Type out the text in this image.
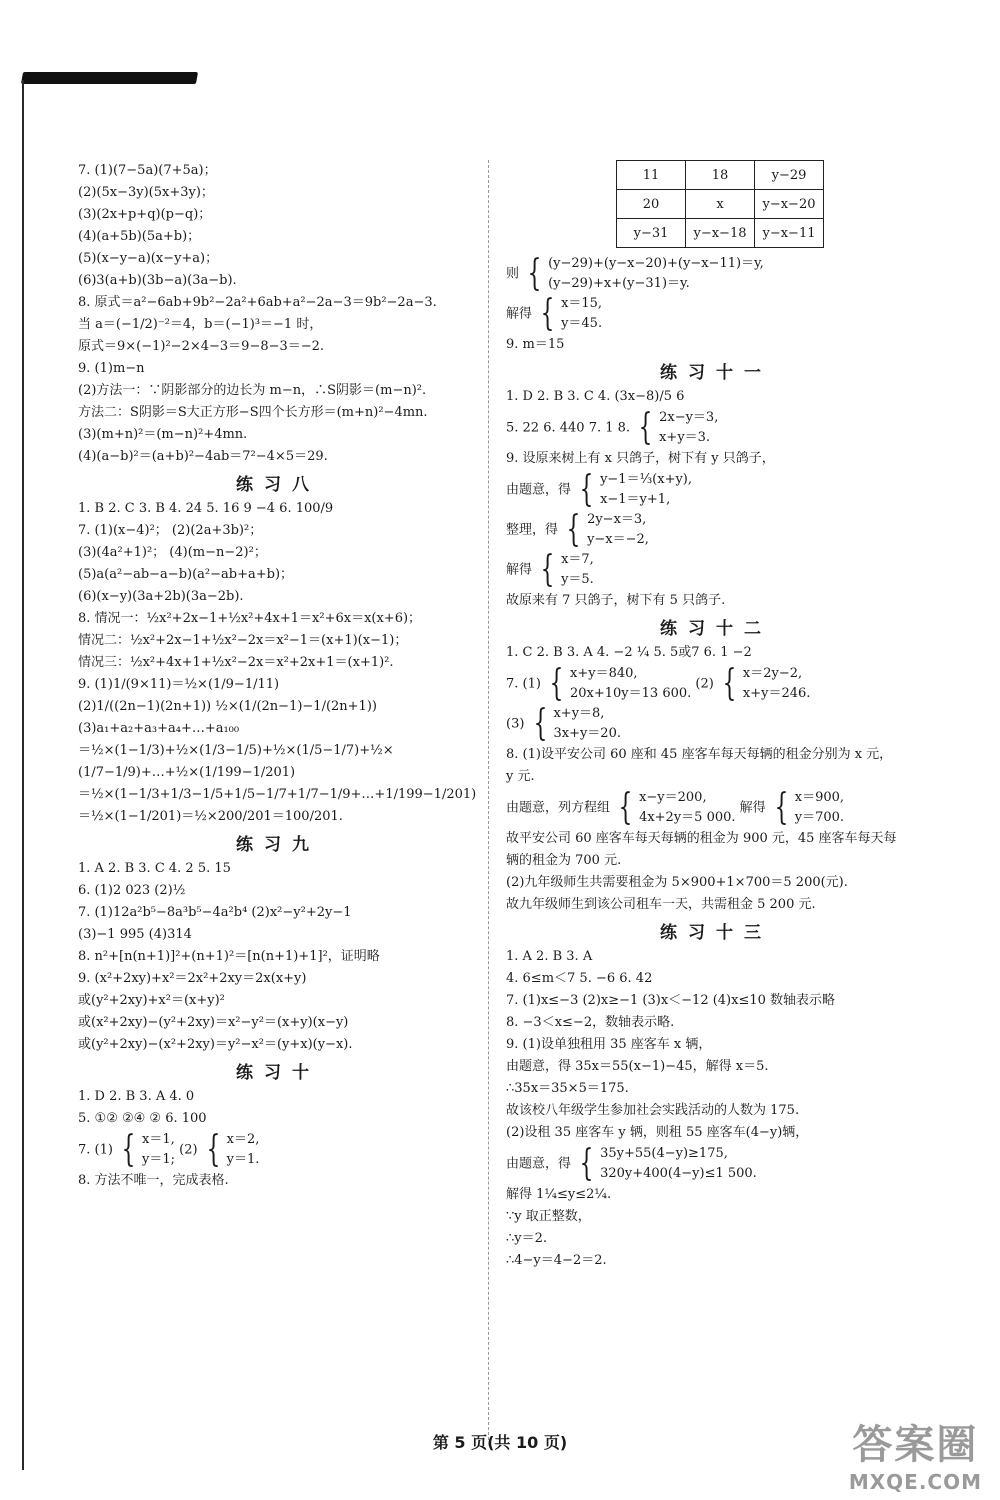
7. (1)(7−5a)(7+5a)；
(2)(5x−3y)(5x+3y)；
(3)(2x+p+q)(p−q)；
(4)(a+5b)(5a+b)；
(5)(x−y−a)(x−y+a)；
(6)3(a+b)(3b−a)(3a−b).
8. 原式＝a²−6ab+9b²−2a²+6ab+a²−2a−3＝9b²−2a−3.
当 a＝(−1/2)⁻²＝4，b＝(−1)³＝−1 时，
原式＝9×(−1)²−2×4−3＝9−8−3＝−2.
9. (1)m−n
(2)方法一：∵阴影部分的边长为 m−n，∴S阴影＝(m−n)².
方法二：S阴影＝S大正方形−S四个长方形＝(m+n)²−4mn.
(3)(m+n)²＝(m−n)²+4mn.
(4)(a−b)²＝(a+b)²−4ab＝7²−4×5＝29.
练习八
1. B 2. C 3. B 4. 24 5. 16 9 −4 6. 100/9
7. (1)(x−4)²； (2)(2a+3b)²；
(3)(4a²+1)²； (4)(m−n−2)²；
(5)a(a²−ab−a−b)(a²−ab+a+b)；
(6)(x−y)(3a+2b)(3a−2b).
8. 情况一：½x²+2x−1+½x²+4x+1＝x²+6x＝x(x+6)；
情况二：½x²+2x−1+½x²−2x＝x²−1＝(x+1)(x−1)；
情况三：½x²+4x+1+½x²−2x＝x²+2x+1＝(x+1)².
9. (1)1/(9×11)＝½×(1/9−1/11)
(2)1/((2n−1)(2n+1)) ½×(1/(2n−1)−1/(2n+1))
(3)a₁+a₂+a₃+a₄+…+a₁₀₀
＝½×(1−1/3)+½×(1/3−1/5)+½×(1/5−1/7)+½×
(1/7−1/9)+…+½×(1/199−1/201)
＝½×(1−1/3+1/3−1/5+1/5−1/7+1/7−1/9+…+1/199−1/201)
＝½×(1−1/201)＝½×200/201＝100/201.
练习九
1. A 2. B 3. C 4. 2 5. 15
6. (1)2 023 (2)½
7. (1)12a²b⁵−8a³b⁵−4a²b⁴ (2)x²−y²+2y−1
(3)−1 995 (4)314
8. n²+[n(n+1)]²+(n+1)²＝[n(n+1)+1]²，证明略
9. (x²+2xy)+x²＝2x²+2xy＝2x(x+y)
或(y²+2xy)+x²＝(x+y)²
或(x²+2xy)−(y²+2xy)＝x²−y²＝(x+y)(x−y)
或(y²+2xy)−(x²+2xy)＝y²−x²＝(y+x)(y−x).
练习十
1. D 2. B 3. A 4. 0
5. ①② ②④ ② 6. 100
7. (1) { x＝1,
y＝1;
(2) { x＝2,
y＝1.
8. 方法不唯一，完成表格.
11	18	y−29
20	x	y−x−20
y−31	y−x−18	y−x−11
则 { (y−29)+(y−x−20)+(y−x−11)＝y,
(y−29)+x+(y−31)＝y.
解得 { x＝15,
y＝45.
9. m＝15
练习十一
1. D 2. B 3. C 4. (3x−8)/5 6
5. 22 6. 440 7. 1 8. { 2x−y＝3,
x+y＝3.
9. 设原来树上有 x 只鸽子，树下有 y 只鸽子，
由题意，得 { y−1＝⅓(x+y),
x−1＝y+1,
整理，得 { 2y−x＝3,
y−x＝−2,
解得 { x＝7,
y＝5.
故原来有 7 只鸽子，树下有 5 只鸽子.
练习十二
1. C 2. B 3. A 4. −2 ¼ 5. 5或7 6. 1 −2
7. (1) { x+y＝840,
20x+10y＝13 600.
(2) { x＝2y−2,
x+y＝246.
(3) { x+y＝8,
3x+y＝20.
8. (1)设平安公司 60 座和 45 座客车每天每辆的租金分别为 x 元，
y 元.
由题意，列方程组 { x−y＝200,
4x+2y＝5 000.
解得 { x＝900,
y＝700.
故平安公司 60 座客车每天每辆的租金为 900 元，45 座客车每天每
辆的租金为 700 元.
(2)九年级师生共需要租金为 5×900+1×700＝5 200(元).
故九年级师生到该公司租车一天，共需租金 5 200 元.
练习十三
1. A 2. B 3. A
4. 6≤m＜7 5. −6 6. 42
7. (1)x≤−3 (2)x≥−1 (3)x＜−12 (4)x≤10 数轴表示略
8. −3＜x≤−2，数轴表示略.
9. (1)设单独租用 35 座客车 x 辆，
由题意，得 35x＝55(x−1)−45，解得 x＝5.
∴35x＝35×5＝175.
故该校八年级学生参加社会实践活动的人数为 175.
(2)设租 35 座客车 y 辆，则租 55 座客车(4−y)辆，
由题意，得 { 35y+55(4−y)≥175,
320y+400(4−y)≤1 500.
解得 1¼≤y≤2¼.
∵y 取正整数，
∴y＝2.
∴4−y＝4−2＝2.
第 5 页(共 10 页)	答案圈
MXQE.COM
